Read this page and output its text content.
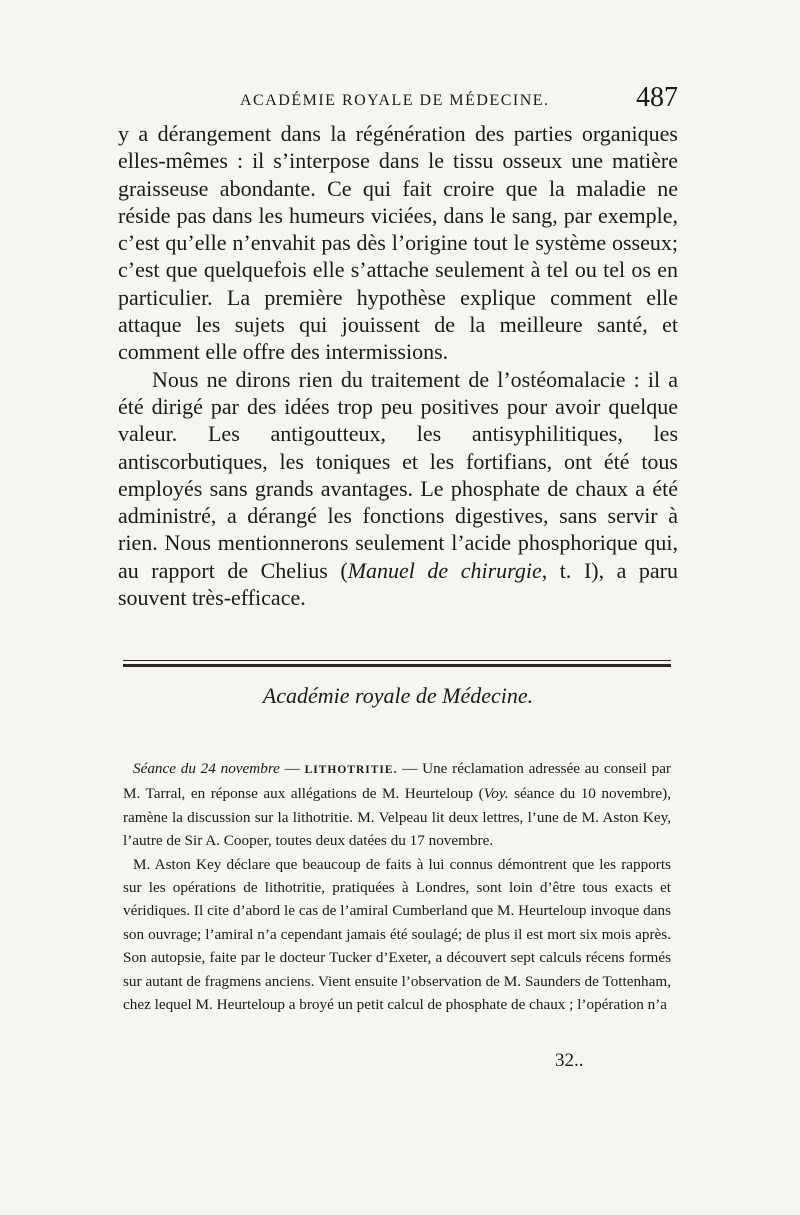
ACADÉMIE ROYALE DE MÉDECINE.	487

y a dérangement dans la régénération des parties organiques elles-mêmes : il s’interpose dans le tissu osseux une matière graisseuse abondante. Ce qui fait croire que la maladie ne réside pas dans les humeurs viciées, dans le sang, par exemple, c’est qu’elle n’envahit pas dès l’origine tout le système osseux; c’est que quelquefois elle s’attache seulement à tel ou tel os en particulier. La première hypothèse explique comment elle attaque les sujets qui jouissent de la meilleure santé, et comment elle offre des intermissions.

Nous ne dirons rien du traitement de l’ostéomalacie : il a été dirigé par des idées trop peu positives pour avoir quelque valeur. Les antigoutteux, les antisyphilitiques, les antiscorbutiques, les toniques et les fortifians, ont été tous employés sans grands avantages. Le phosphate de chaux a été administré, a dérangé les fonctions digestives, sans servir à rien. Nous mentionnerons seulement l’acide phosphorique qui, au rapport de Chelius (Manuel de chirurgie, t. I), a paru souvent très-efficace.

Académie royale de Médecine.

Séance du 24 novembre — LITHOTRITIE. — Une réclamation adressée au conseil par M. Tarral, en réponse aux allégations de M. Heurteloup (Voy. séance du 10 novembre), ramène la discussion sur la lithotritie. M. Velpeau lit deux lettres, l’une de M. Aston Key, l’autre de Sir A. Cooper, toutes deux datées du 17 novembre.

M. Aston Key déclare que beaucoup de faits à lui connus démontrent que les rapports sur les opérations de lithotritie, pratiquées à Londres, sont loin d’être tous exacts et véridiques. Il cite d’abord le cas de l’amiral Cumberland que M. Heurteloup invoque dans son ouvrage; l’amiral n’a cependant jamais été soulagé; de plus il est mort six mois après. Son autopsie, faite par le docteur Tucker d’Exeter, a découvert sept calculs récens formés sur autant de fragmens anciens. Vient ensuite l’observation de M. Saunders de Tottenham, chez lequel M. Heurteloup a broyé un petit calcul de phosphate de chaux ; l’opération n’a

32..
